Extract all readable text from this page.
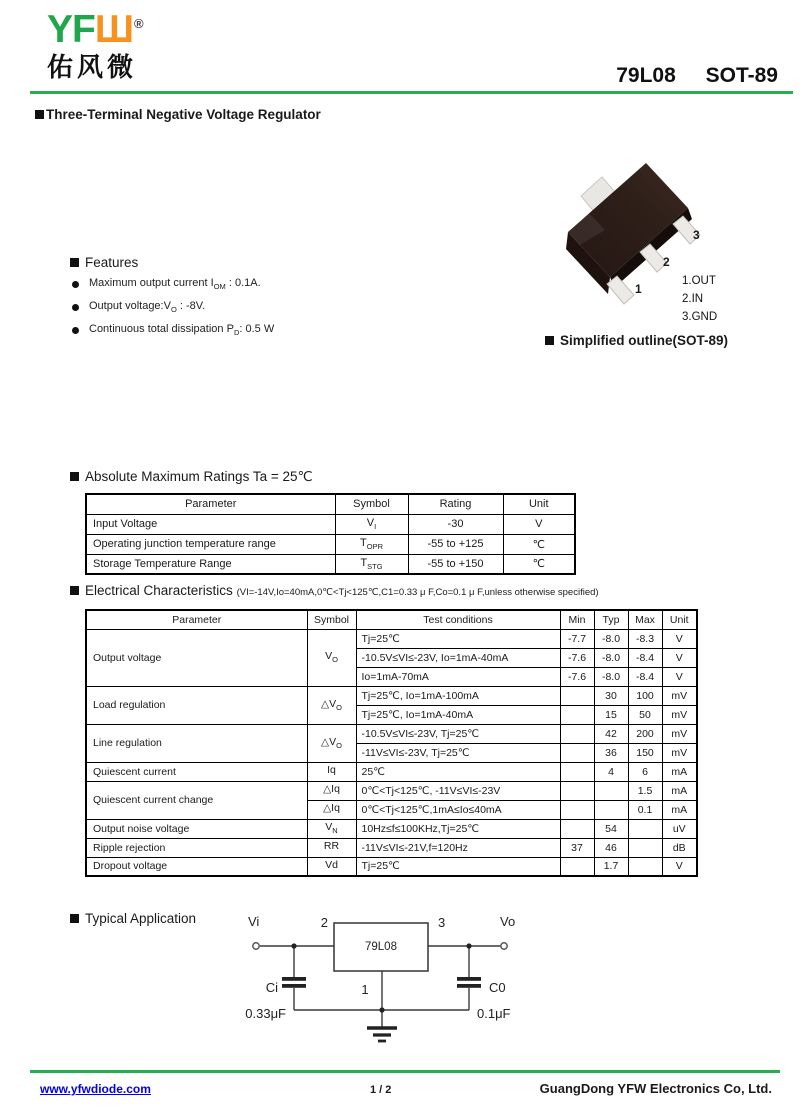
YFШ®
佑风微	79L08 SOT-89
Three-Terminal Negative Voltage Regulator
Features
Maximum output current $I_{OM}$ : 0.1A.
Output $voltage:V_O$ : -8V.
Continuous total dissipation $P_D$: 0.5 W
1
2
3
1.OUT
2.IN
3.GND
Simplified outline(SOT-89)
Absolute Maximum Ratings Ta = 25℃
Parameter	Symbol	Rating	Unit
Input Voltage	$V_I$	-30	V
Operating junction temperature range	$T_{OPR}$	-55 to +125	℃
Storage Temperature Range	$T_{STG}$	-55 to +150	℃
Electrical Characteristics (VI=-14V,Io=40mA,0℃<Tj<125℃,C1=0.33 μ F,Co=0.1 μ F,unless otherwise specified)
Parameter	Symbol	Test conditions	Min	Typ	Max	Unit
Output voltage	$V_O$	Tj=25℃	-7.7	-8.0	-8.3	V
		-10.5V≤VI≤-23V, Io=1mA-40mA	-7.6	-8.0	-8.4	V
		Io=1mA-70mA	-7.6	-8.0	-8.4	V
Load regulation	$\triangle V_O$	Tj=25℃, Io=1mA-100mA		30	100	mV
		Tj=25℃, Io=1mA-40mA		15	50	mV
Line regulation	$\triangle V_O$	-10.5V≤VI≤-23V, Tj=25℃		42	200	mV
		-11V≤VI≤-23V, Tj=25℃		36	150	mV
Quiescent current	Iq	25℃		4	6	mA
Quiescent current change	△Iq	0℃<Tj<125℃, -11V≤VI≤-23V			1.5	mA
	△Iq	0℃<Tj<125℃,1mA≤Io≤40mA			0.1	mA
Output noise voltage	$V_N$	10Hz≤f≤100KHz,Tj=25℃		54		uV
Ripple rejection	RR	-11V≤VI≤-21V,f=120Hz	37	46		dB
Dropout voltage	Vd	Tj=25℃		1.7		V
Typical Application
79L08
Vi	Vo
2	3
1
Ci
0.33μF
C0
0.1μF
www.yfwdiode.com	1 / 2	GuangDong YFW Electronics Co, Ltd.
